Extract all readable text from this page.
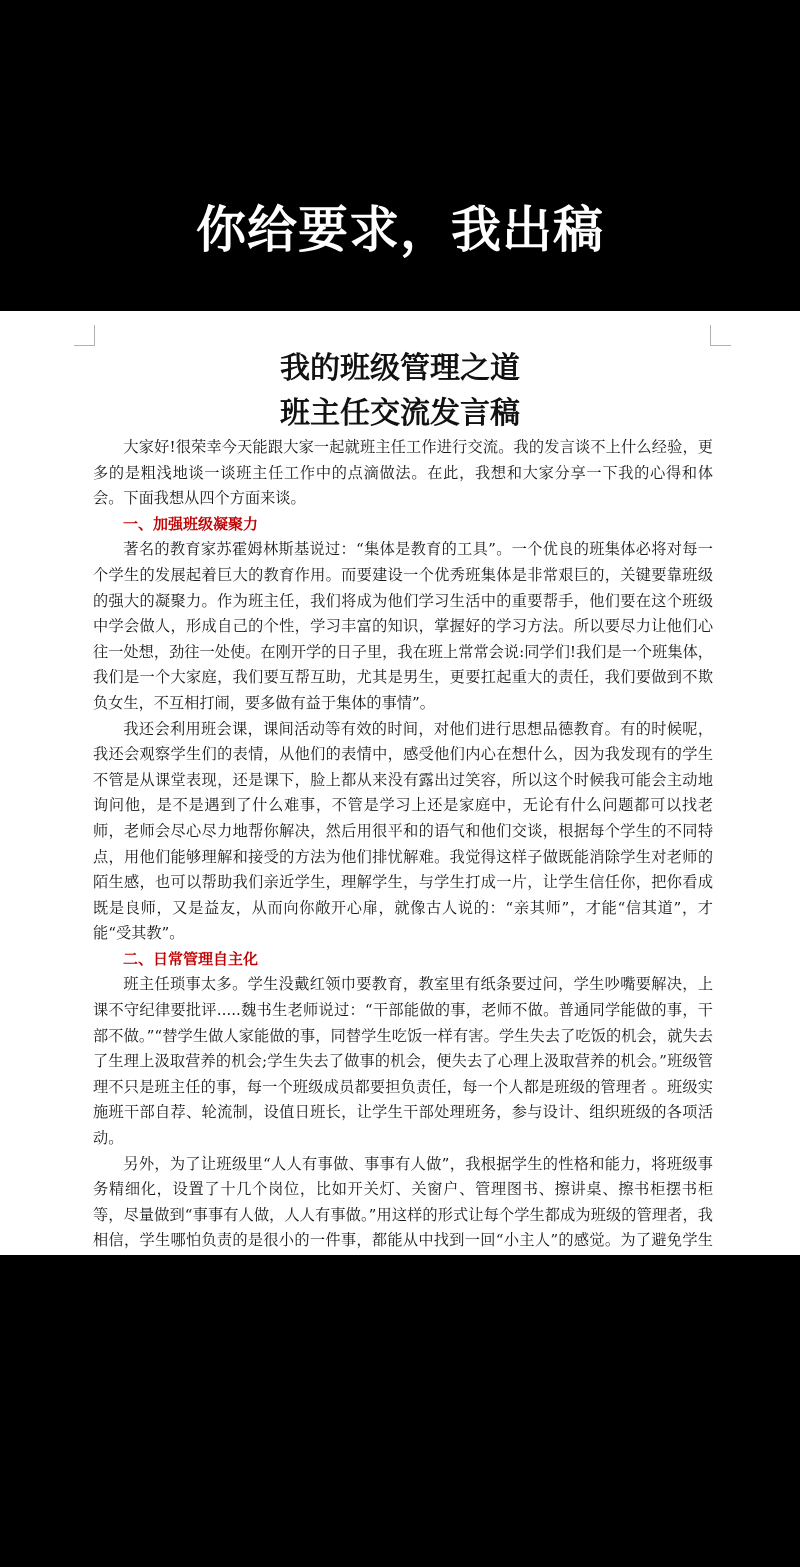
你给要求，我出稿
我的班级管理之道
班主任交流发言稿

大家好!很荣幸今天能跟大家一起就班主任工作进行交流。我的发言谈不上什么经验，更多的是粗浅地谈一谈班主任工作中的点滴做法。在此，我想和大家分享一下我的心得和体会。下面我想从四个方面来谈。

一、加强班级凝聚力

著名的教育家苏霍姆林斯基说过：“集体是教育的工具”。一个优良的班集体必将对每一个学生的发展起着巨大的教育作用。而要建设一个优秀班集体是非常艰巨的，关键要靠班级的强大的凝聚力。作为班主任，我们将成为他们学习生活中的重要帮手，他们要在这个班级中学会做人，形成自己的个性，学习丰富的知识，掌握好的学习方法。所以要尽力让他们心往一处想，劲往一处使。在刚开学的日子里，我在班上常常会说:同学们!我们是一个班集体，我们是一个大家庭，我们要互帮互助，尤其是男生，更要扛起重大的责任，我们要做到不欺负女生，不互相打闹，要多做有益于集体的事情”。

我还会利用班会课，课间活动等有效的时间，对他们进行思想品德教育。有的时候呢，我还会观察学生们的表情，从他们的表情中，感受他们内心在想什么，因为我发现有的学生不管是从课堂表现，还是课下，脸上都从来没有露出过笑容，所以这个时候我可能会主动地询问他，是不是遇到了什么难事，不管是学习上还是家庭中，无论有什么问题都可以找老师，老师会尽心尽力地帮你解决，然后用很平和的语气和他们交谈，根据每个学生的不同特点，用他们能够理解和接受的方法为他们排忧解难。我觉得这样子做既能消除学生对老师的陌生感，也可以帮助我们亲近学生，理解学生，与学生打成一片，让学生信任你，把你看成既是良师，又是益友，从而向你敞开心扉，就像古人说的：“亲其师”，才能“信其道”，才能“受其教”。

二、日常管理自主化

班主任琐事太多。学生没戴红领巾要教育，教室里有纸条要过问，学生吵嘴要解决，上课不守纪律要批评.....魏书生老师说过：“干部能做的事，老师不做。普通同学能做的事，干部不做。”“替学生做人家能做的事，同替学生吃饭一样有害。学生失去了吃饭的机会，就失去了生理上汲取营养的机会;学生失去了做事的机会，便失去了心理上汲取营养的机会。”班级管理不只是班主任的事，每一个班级成员都要担负责任，每一个人都是班级的管理者 。班级实施班干部自荐、轮流制，设值日班长，让学生干部处理班务，参与设计、组织班级的各项活动。

另外，为了让班级里“人人有事做、事事有人做”，我根据学生的性格和能力，将班级事务精细化，设置了十几个岗位，比如开关灯、关窗户、管理图书、擦讲桌、擦书柜摆书柜等，尽量做到“事事有人做，人人有事做。”用这样的形式让每个学生都成为班级的管理者，我相信，学生哪怕负责的是很小的一件事，都能从中找到一回“小主人”的感觉。为了避免学生
